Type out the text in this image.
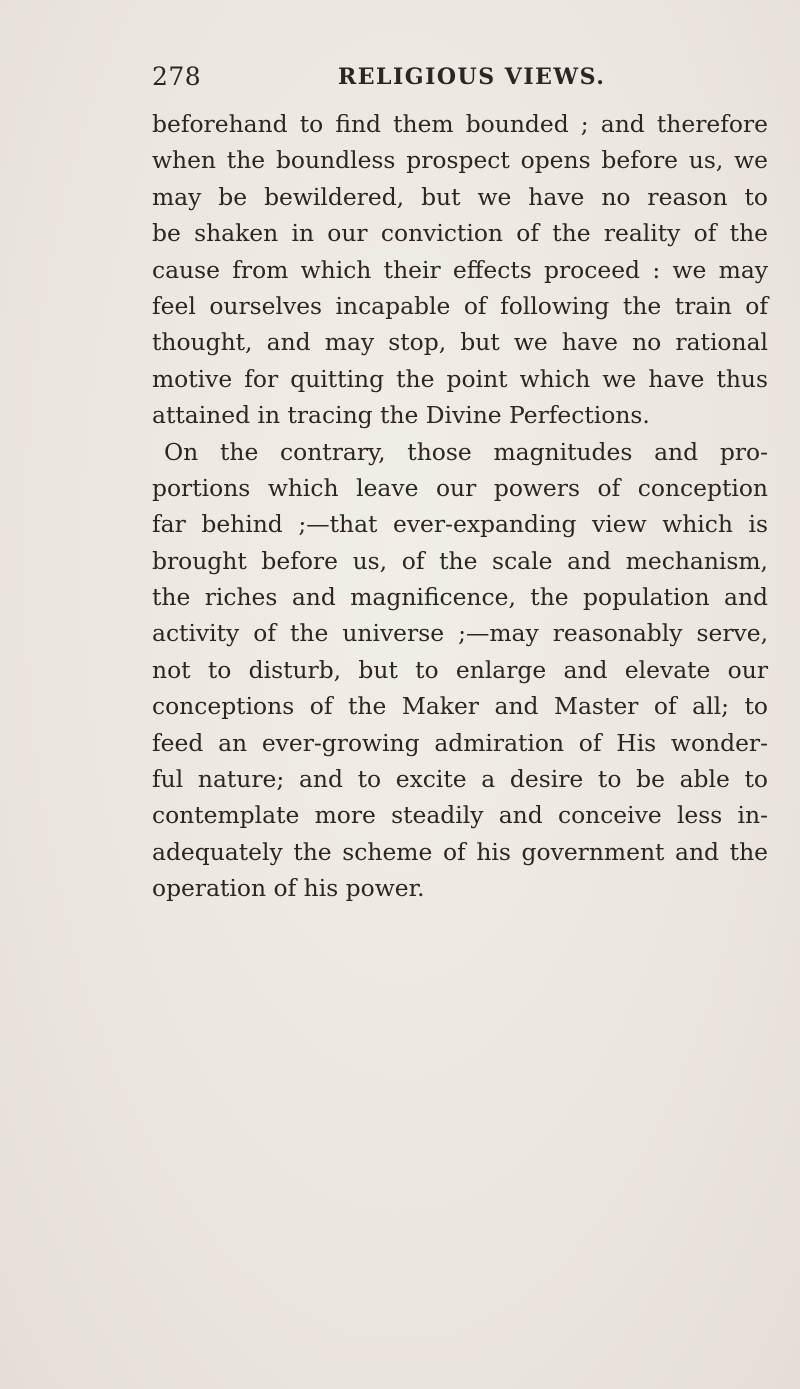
278	RELIGIOUS VIEWS.
beforehand to find them bounded ; and therefore
when the boundless prospect opens before us, we
may be bewildered, but we have no reason to
be shaken in our conviction of the reality of the
cause from which their effects proceed : we may
feel ourselves incapable of following the train of
thought, and may stop, but we have no rational
motive for quitting the point which we have thus
attained in tracing the Divine Perfections.
On the contrary, those magnitudes and pro-
portions which leave our powers of conception
far behind ;—that ever-expanding view which is
brought before us, of the scale and mechanism,
the riches and magnificence, the population and
activity of the universe ;—may reasonably serve,
not to disturb, but to enlarge and elevate our
conceptions of the Maker and Master of all; to
feed an ever-growing admiration of His wonder-
ful nature; and to excite a desire to be able to
contemplate more steadily and conceive less in-
adequately the scheme of his government and the
operation of his power.
